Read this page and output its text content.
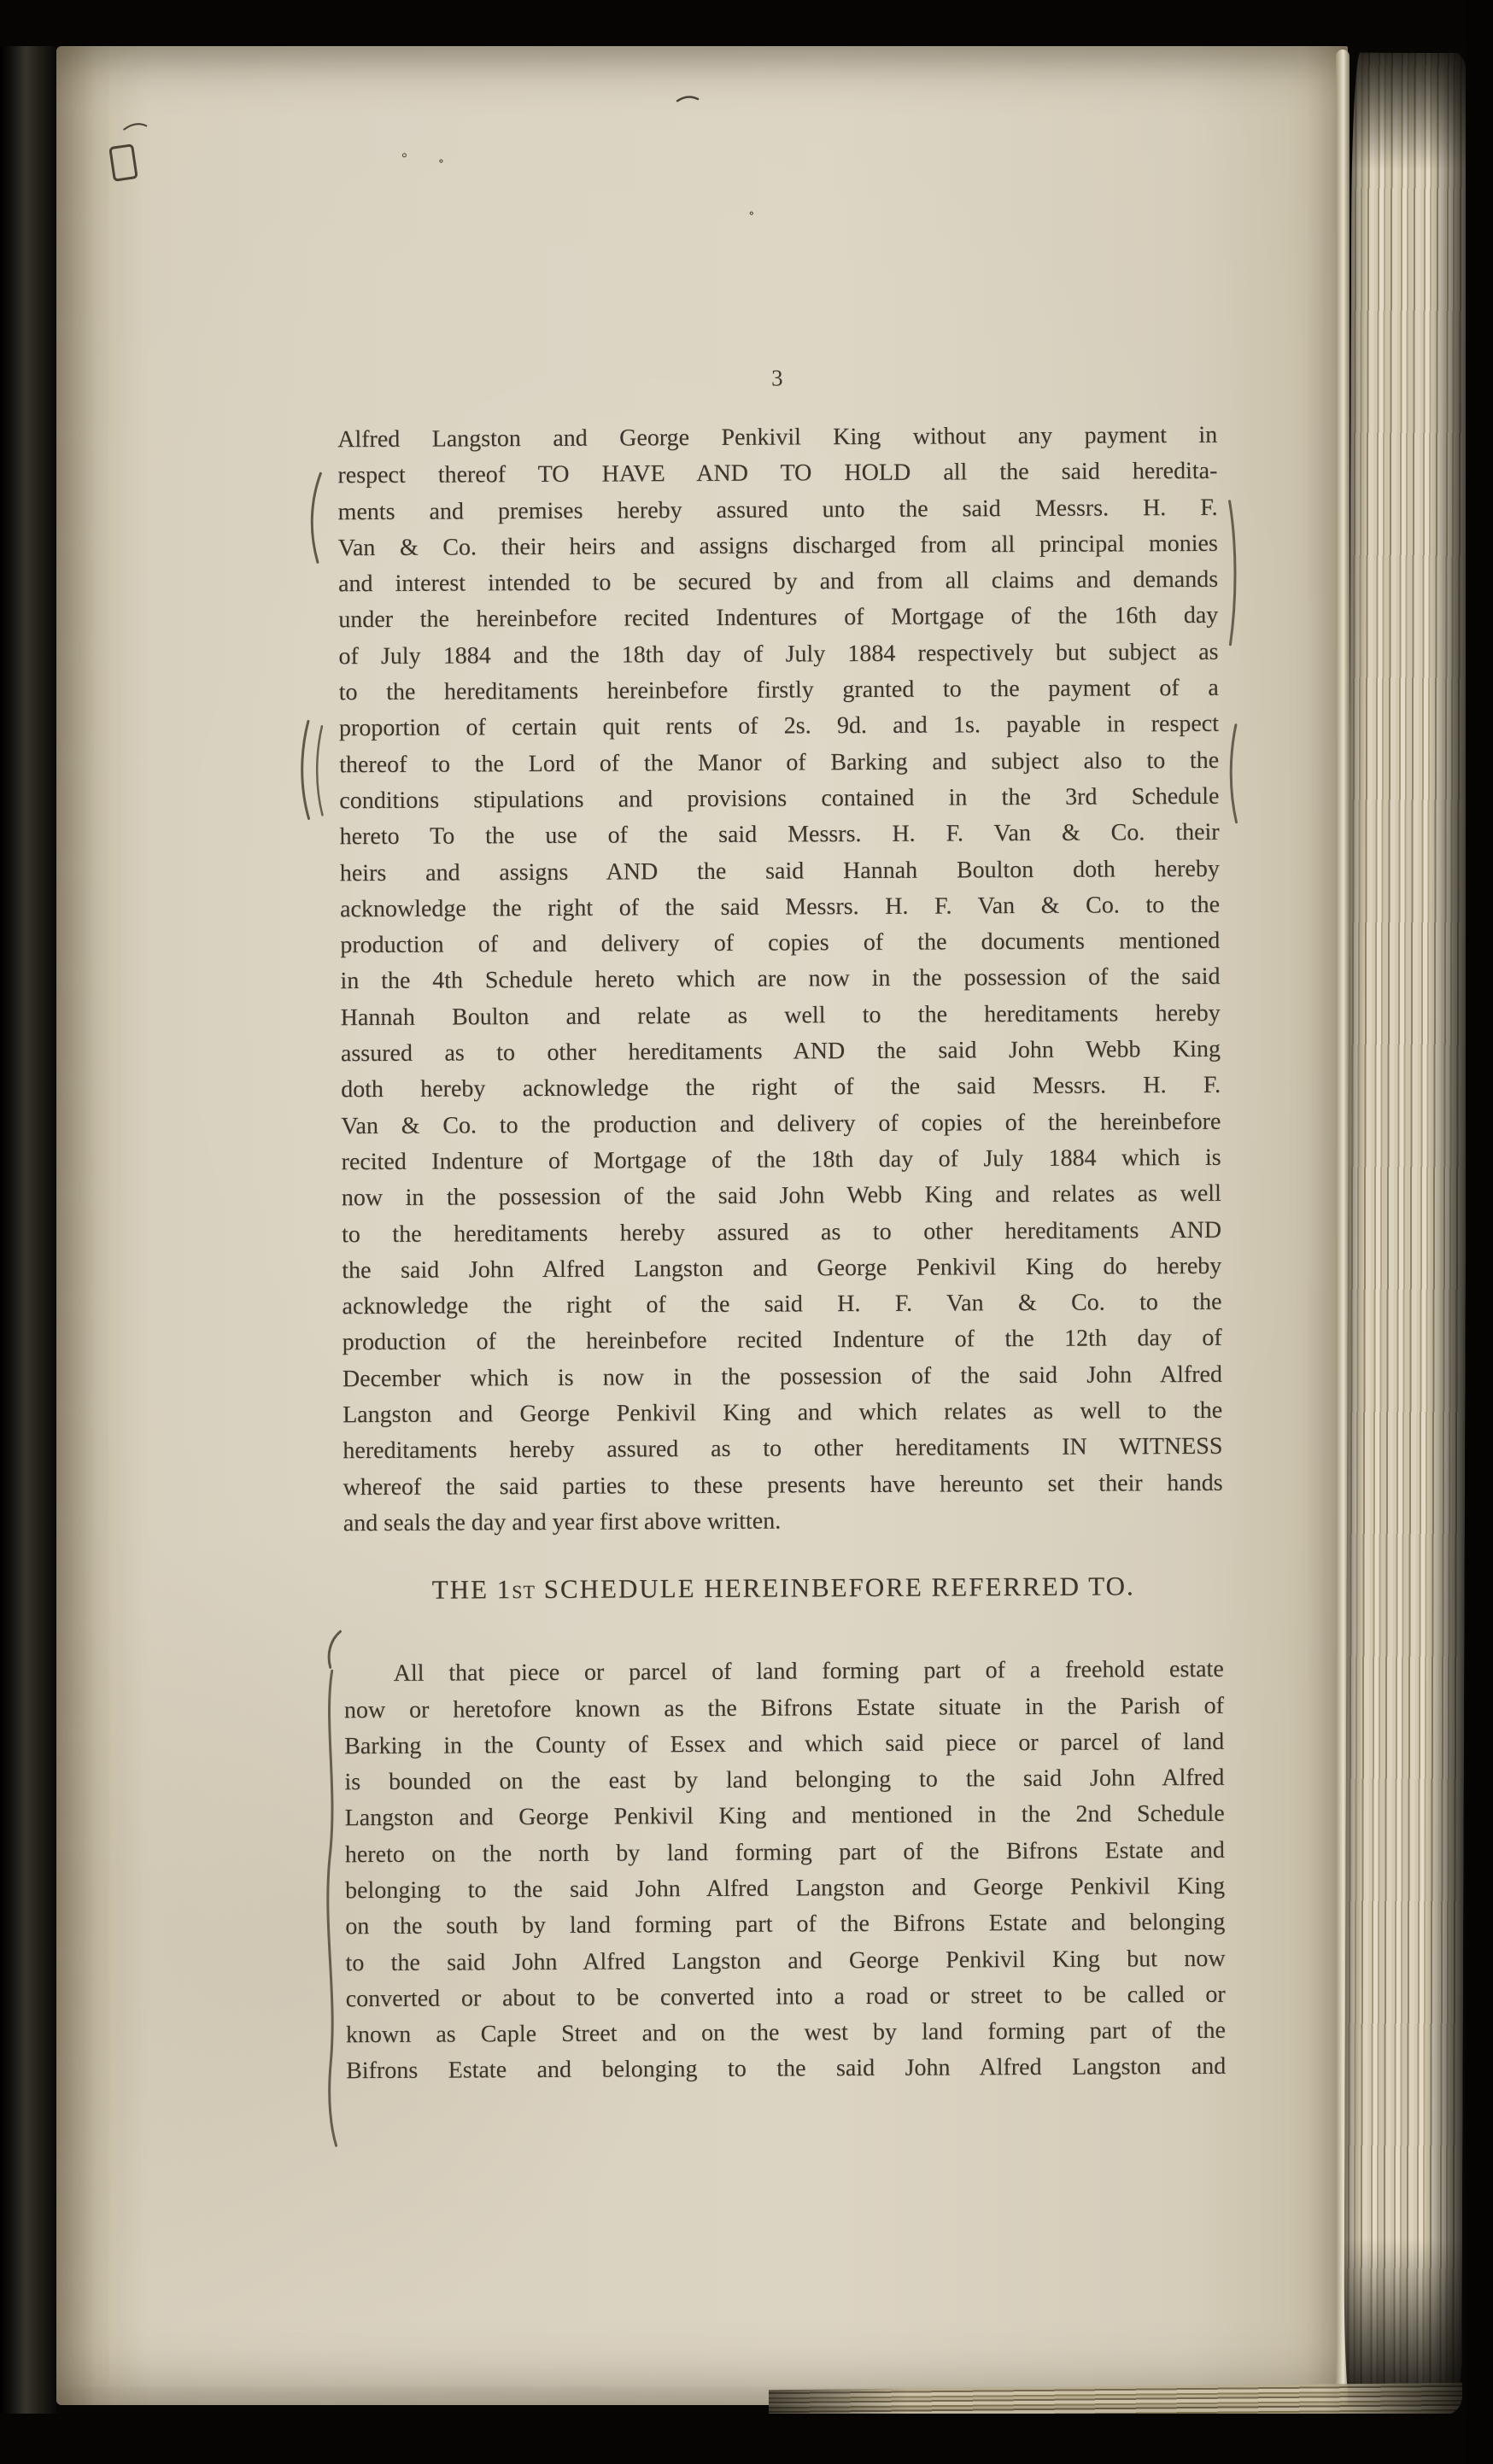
3
Alfred Langston and George Penkivil King without any payment in
respect thereof TO HAVE AND TO HOLD all the said heredita-
ments and premises hereby assured unto the said Messrs. H. F.
Van & Co. their heirs and assigns discharged from all principal monies
and interest intended to be secured by and from all claims and demands
under the hereinbefore recited Indentures of Mortgage of the 16th day
of July 1884 and the 18th day of July 1884 respectively but subject as
to the hereditaments hereinbefore firstly granted to the payment of a
proportion of certain quit rents of 2s. 9d. and 1s. payable in respect
thereof to the Lord of the Manor of Barking and subject also to the
conditions stipulations and provisions contained in the 3rd Schedule
hereto To the use of the said Messrs. H. F. Van & Co. their
heirs and assigns AND the said Hannah Boulton doth hereby
acknowledge the right of the said Messrs. H. F. Van & Co. to the
production of and delivery of copies of the documents mentioned
in the 4th Schedule hereto which are now in the possession of the said
Hannah Boulton and relate as well to the hereditaments hereby
assured as to other hereditaments AND the said John Webb King
doth hereby acknowledge the right of the said Messrs. H. F.
Van & Co. to the production and delivery of copies of the hereinbefore
recited Indenture of Mortgage of the 18th day of July 1884 which is
now in the possession of the said John Webb King and relates as well
to the hereditaments hereby assured as to other hereditaments AND
the said John Alfred Langston and George Penkivil King do hereby
acknowledge the right of the said H. F. Van & Co. to the
production of the hereinbefore recited Indenture of the 12th day of
December which is now in the possession of the said John Alfred
Langston and George Penkivil King and which relates as well to the
hereditaments hereby assured as to other hereditaments IN WITNESS
whereof the said parties to these presents have hereunto set their hands
and seals the day and year first above written.
THE 1ST SCHEDULE HEREINBEFORE REFERRED TO.
All that piece or parcel of land forming part of a freehold estate
now or heretofore known as the Bifrons Estate situate in the Parish of
Barking in the County of Essex and which said piece or parcel of land
is bounded on the east by land belonging to the said John Alfred
Langston and George Penkivil King and mentioned in the 2nd Schedule
hereto on the north by land forming part of the Bifrons Estate and
belonging to the said John Alfred Langston and George Penkivil King
on the south by land forming part of the Bifrons Estate and belonging
to the said John Alfred Langston and George Penkivil King but now
converted or about to be converted into a road or street to be called or
known as Caple Street and on the west by land forming part of the
Bifrons Estate and belonging to the said John Alfred Langston and
